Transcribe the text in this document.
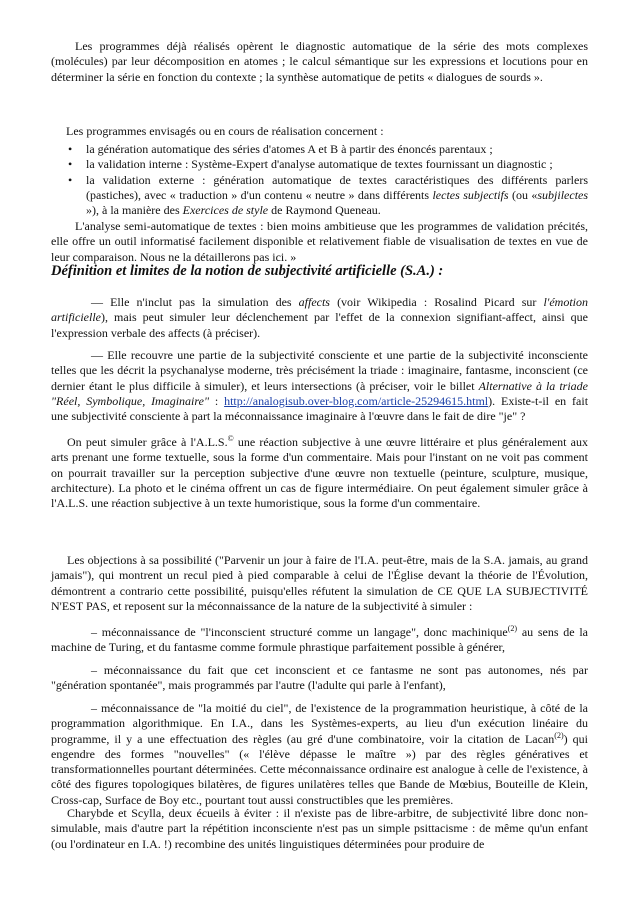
Les programmes déjà réalisés opèrent le diagnostic automatique de la série des mots complexes (molécules) par leur décomposition en atomes ; le calcul sémantique sur les expressions et locutions pour en déterminer la série en fonction du contexte ; la synthèse automatique de petits « dialogues de sourds ».

Les programmes envisagés ou en cours de réalisation concernent :

• la génération automatique des séries d'atomes A et B à partir des énoncés parentaux ;
• la validation interne : Système-Expert d'analyse automatique de textes fournissant un diagnostic ;
• la validation externe : génération automatique de textes caractéristiques des différents parlers (pastiches), avec « traduction » d'un contenu « neutre » dans différents lectes subjectifs (ou «subjilectes »), à la manière des Exercices de style de Raymond Queneau.

L'analyse semi-automatique de textes : bien moins ambitieuse que les programmes de validation précités, elle offre un outil informatisé facilement disponible et relativement fiable de visualisation de textes en vue de leur comparaison. Nous ne la détaillerons pas ici. »

Définition et limites de la notion de subjectivité artificielle (S.A.) :

— Elle n'inclut pas la simulation des affects (voir Wikipedia : Rosalind Picard sur l'émotion artificielle), mais peut simuler leur déclenchement par l'effet de la connexion signifiant-affect, ainsi que l'expression verbale des affects (à préciser).

— Elle recouvre une partie de la subjectivité consciente et une partie de la subjectivité inconsciente telles que les décrit la psychanalyse moderne, très précisément la triade : imaginaire, fantasme, inconscient (ce dernier étant le plus difficile à simuler), et leurs intersections (à préciser, voir le billet Alternative à la triade "Réel, Symbolique, Imaginaire" : http://analogisub.over-blog.com/article-25294615.html). Existe-t-il en fait une subjectivité consciente à part la méconnaissance imaginaire à l'œuvre dans le fait de dire "je" ?

On peut simuler grâce à l'A.L.S.© une réaction subjective à une œuvre littéraire et plus généralement aux arts prenant une forme textuelle, sous la forme d'un commentaire. Mais pour l'instant on ne voit pas comment on pourrait travailler sur la perception subjective d'une œuvre non textuelle (peinture, sculpture, musique, architecture). La photo et le cinéma offrent un cas de figure intermédiaire. On peut également simuler grâce à l'A.L.S. une réaction subjective à un texte humoristique, sous la forme d'un commentaire.

Les objections à sa possibilité ("Parvenir un jour à faire de l'I.A. peut-être, mais de la S.A. jamais, au grand jamais"), qui montrent un recul pied à pied comparable à celui de l'Église devant la théorie de l'Évolution, démontrent a contrario cette possibilité, puisqu'elles réfutent la simulation de CE QUE LA SUBJECTIVITÉ N'EST PAS, et reposent sur la méconnaissance de la nature de la subjectivité à simuler :

– méconnaissance de "l'inconscient structuré comme un langage", donc machinique$^{(2)}$ au sens de la machine de Turing, et du fantasme comme formule phrastique parfaitement possible à générer,

– méconnaissance du fait que cet inconscient et ce fantasme ne sont pas autonomes, nés par "génération spontanée", mais programmés par l'autre (l'adulte qui parle à l'enfant),

– méconnaissance de "la moitié du ciel", de l'existence de la programmation heuristique, à côté de la programmation algorithmique. En I.A., dans les Systèmes-experts, au lieu d'un exécution linéaire du programme, il y a une effectuation des règles (au gré d'une combinatoire, voir la citation de Lacan$^{(2)}$) qui engendre des formes "nouvelles" (« l'élève dépasse le maître ») par des règles génératives et transformationnelles pourtant déterminées. Cette méconnaissance ordinaire est analogue à celle de l'existence, à côté des figures topologiques bilatères, de figures unilatères telles que Bande de Mœbius, Bouteille de Klein, Cross-cap, Surface de Boy etc., pourtant tout aussi constructibles que les premières.

Charybde et Scylla, deux écueils à éviter : il n'existe pas de libre-arbitre, de subjectivité libre donc non-simulable, mais d'autre part la répétition inconsciente n'est pas un simple psittacisme : de même qu'un enfant (ou l'ordinateur en I.A. !) recombine des unités linguistiques déterminées pour produire de
